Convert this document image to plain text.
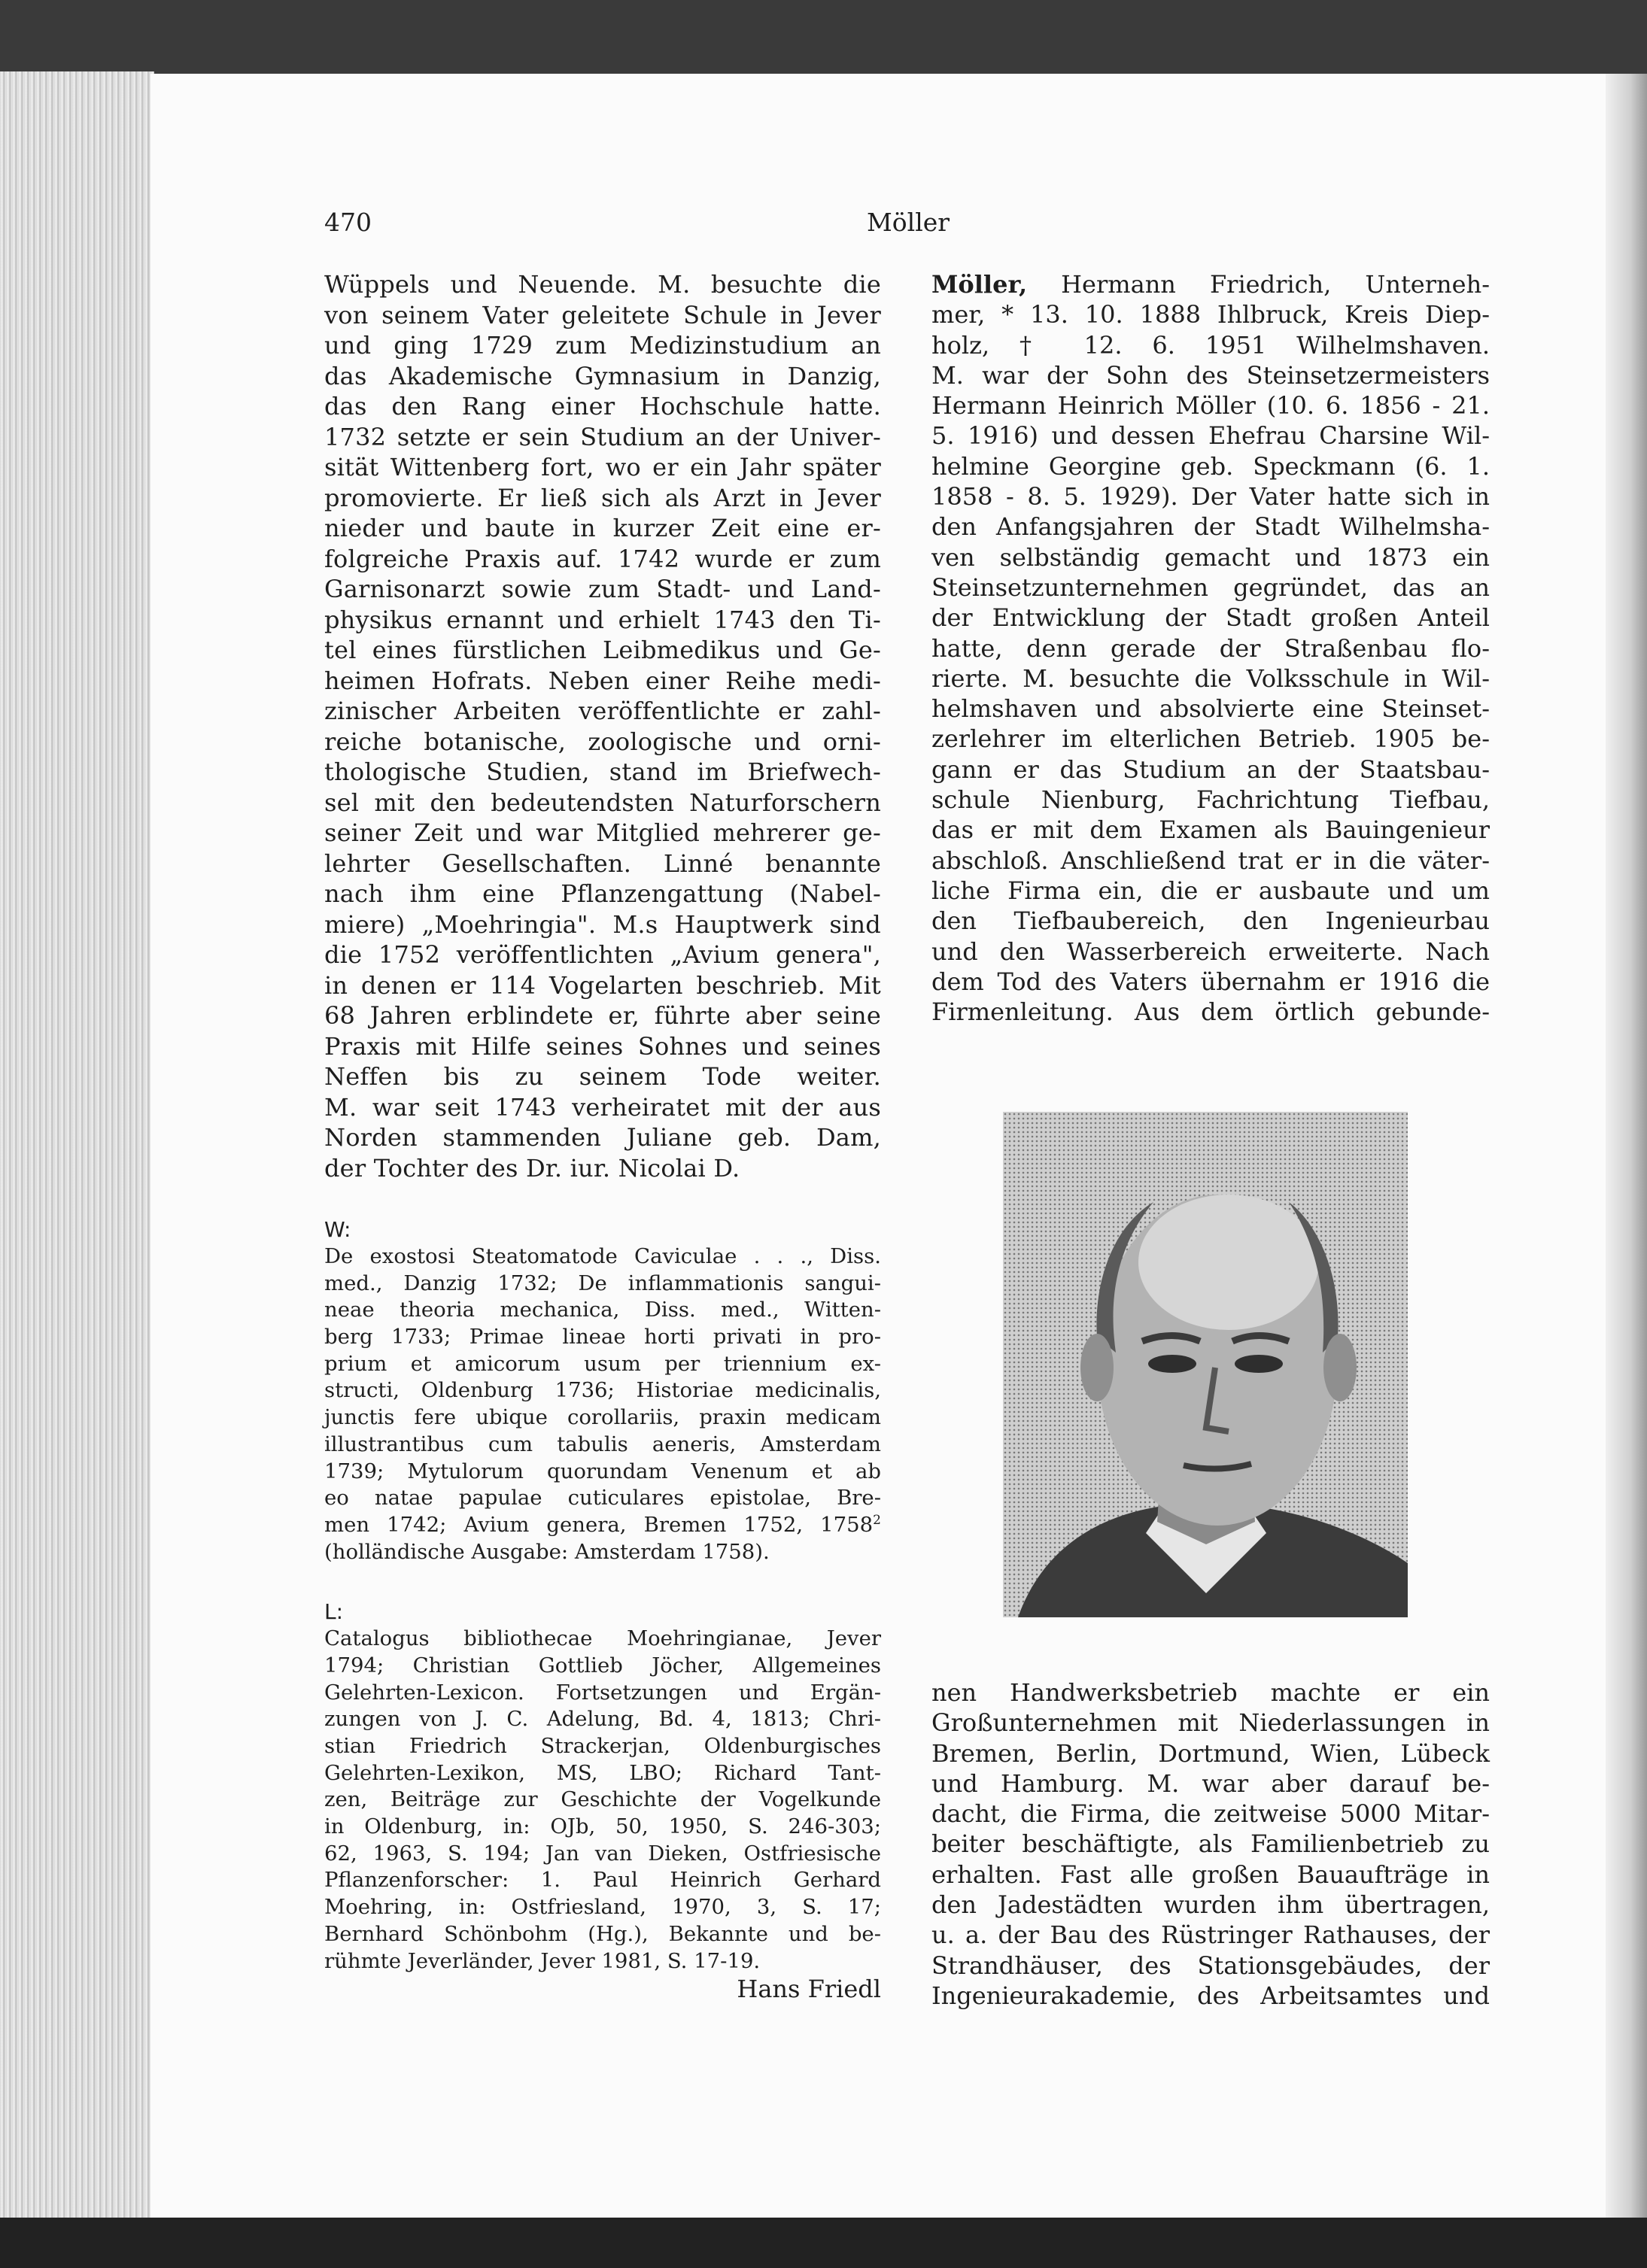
470	Möller
Wüppels und Neuende. M. besuchte die
von seinem Vater geleitete Schule in Jever
und ging 1729 zum Medizinstudium an
das Akademische Gymnasium in Danzig,
das den Rang einer Hochschule hatte.
1732 setzte er sein Studium an der Univer-
sität Wittenberg fort, wo er ein Jahr später
promovierte. Er ließ sich als Arzt in Jever
nieder und baute in kurzer Zeit eine er-
folgreiche Praxis auf. 1742 wurde er zum
Garnisonarzt sowie zum Stadt- und Land-
physikus ernannt und erhielt 1743 den Ti-
tel eines fürstlichen Leibmedikus und Ge-
heimen Hofrats. Neben einer Reihe medi-
zinischer Arbeiten veröffentlichte er zahl-
reiche botanische, zoologische und orni-
thologische Studien, stand im Briefwech-
sel mit den bedeutendsten Naturforschern
seiner Zeit und war Mitglied mehrerer ge-
lehrter Gesellschaften. Linné benannte
nach ihm eine Pflanzengattung (Nabel-
miere) „Moehringia". M.s Hauptwerk sind
die 1752 veröffentlichten „Avium genera",
in denen er 114 Vogelarten beschrieb. Mit
68 Jahren erblindete er, führte aber seine
Praxis mit Hilfe seines Sohnes und seines
Neffen bis zu seinem Tode weiter.
M. war seit 1743 verheiratet mit der aus
Norden stammenden Juliane geb. Dam,
der Tochter des Dr. iur. Nicolai D.
W:
De exostosi Steatomatode Caviculae . . ., Diss.
med., Danzig 1732; De inflammationis sangui-
neae theoria mechanica, Diss. med., Witten-
berg 1733; Primae lineae horti privati in pro-
prium et amicorum usum per triennium ex-
structi, Oldenburg 1736; Historiae medicinalis,
junctis fere ubique corollariis, praxin medicam
illustrantibus cum tabulis aeneris, Amsterdam
1739; Mytulorum quorundam Venenum et ab
eo natae papulae cuticulares epistolae, Bre-
men 1742; Avium genera, Bremen 1752, 1758$^2$
(holländische Ausgabe: Amsterdam 1758).
L:
Catalogus bibliothecae Moehringianae, Jever
1794; Christian Gottlieb Jöcher, Allgemeines
Gelehrten-Lexicon. Fortsetzungen und Ergän-
zungen von J. C. Adelung, Bd. 4, 1813; Chri-
stian Friedrich Strackerjan, Oldenburgisches
Gelehrten-Lexikon, MS, LBO; Richard Tant-
zen, Beiträge zur Geschichte der Vogelkunde
in Oldenburg, in: OJb, 50, 1950, S. 246-303;
62, 1963, S. 194; Jan van Dieken, Ostfriesische
Pflanzenforscher: 1. Paul Heinrich Gerhard
Moehring, in: Ostfriesland, 1970, 3, S. 17;
Bernhard Schönbohm (Hg.), Bekannte und be-
rühmte Jeverländer, Jever 1981, S. 17-19.
Hans Friedl
Möller, Hermann Friedrich, Unterneh-
mer, * 13. 10. 1888 Ihlbruck, Kreis Diep-
holz, † 12. 6. 1951 Wilhelmshaven.
M. war der Sohn des Steinsetzermeisters
Hermann Heinrich Möller (10. 6. 1856 - 21.
5. 1916) und dessen Ehefrau Charsine Wil-
helmine Georgine geb. Speckmann (6. 1.
1858 - 8. 5. 1929). Der Vater hatte sich in
den Anfangsjahren der Stadt Wilhelmsha-
ven selbständig gemacht und 1873 ein
Steinsetzunternehmen gegründet, das an
der Entwicklung der Stadt großen Anteil
hatte, denn gerade der Straßenbau flo-
rierte. M. besuchte die Volksschule in Wil-
helmshaven und absolvierte eine Steinset-
zerlehrer im elterlichen Betrieb. 1905 be-
gann er das Studium an der Staatsbau-
schule Nienburg, Fachrichtung Tiefbau,
das er mit dem Examen als Bauingenieur
abschloß. Anschließend trat er in die väter-
liche Firma ein, die er ausbaute und um
den Tiefbaubereich, den Ingenieurbau
und den Wasserbereich erweiterte. Nach
dem Tod des Vaters übernahm er 1916 die
Firmenleitung. Aus dem örtlich gebunde-
nen Handwerksbetrieb machte er ein
Großunternehmen mit Niederlassungen in
Bremen, Berlin, Dortmund, Wien, Lübeck
und Hamburg. M. war aber darauf be-
dacht, die Firma, die zeitweise 5000 Mitar-
beiter beschäftigte, als Familienbetrieb zu
erhalten. Fast alle großen Bauaufträge in
den Jadestädten wurden ihm übertragen,
u. a. der Bau des Rüstringer Rathauses, der
Strandhäuser, des Stationsgebäudes, der
Ingenieurakademie, des Arbeitsamtes und
